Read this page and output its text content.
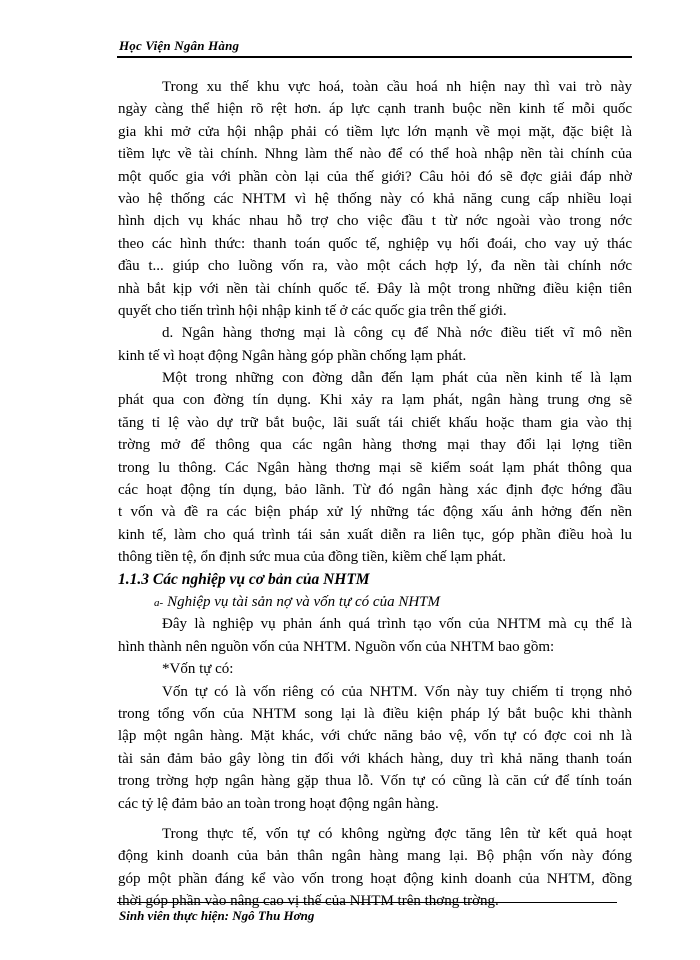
Học Viện Ngân Hàng
Trong xu thế khu vực hoá, toàn cầu hoá nh hiện nay thì vai trò này
ngày càng thể hiện rõ rệt hơn. áp lực cạnh tranh buộc nền kinh tế mỗi quốc
gia khi mở cửa hội nhập phải có tiềm lực lớn mạnh về mọi mặt, đặc biệt là
tiềm lực về tài chính. Nhng làm thế nào để có thể hoà nhập nền tài chính của
một quốc gia với phần còn lại của thế giới? Câu hỏi đó sẽ đợc giải đáp nhờ
vào hệ thống các NHTM vì hệ thống này có khả năng cung cấp nhiều loại
hình dịch vụ khác nhau hỗ trợ cho việc đầu t từ nớc ngoài vào trong nớc
theo các hình thức: thanh toán quốc tế, nghiệp vụ hối đoái, cho vay uỷ thác
đầu t... giúp cho luồng vốn ra, vào một cách hợp lý, đa nền tài chính nớc
nhà bắt kịp với nền tài chính quốc tế. Đây là một trong những điều kiện tiên
quyết cho tiến trình hội nhập kinh tế ở các quốc gia trên thế giới.
d. Ngân hàng thơng mại là công cụ để Nhà nớc điều tiết vĩ mô nền
kinh tế vì hoạt động Ngân hàng góp phần chống lạm phát.
Một trong những con đờng dẫn đến lạm phát của nền kinh tế là lạm
phát qua con đờng tín dụng. Khi xảy ra lạm phát, ngân hàng trung ơng sẽ
tăng tỉ lệ vào dự trữ bắt buộc, lãi suất tái chiết khấu hoặc tham gia vào thị
trờng mở để thông qua các ngân hàng thơng mại thay đổi lại lợng tiền
trong lu thông. Các Ngân hàng thơng mại sẽ kiểm soát lạm phát thông qua
các hoạt động tín dụng, bảo lãnh. Từ đó ngân hàng xác định đợc hớng đầu
t vốn và đề ra các biện pháp xử lý những tác động xấu ảnh hởng đến nền
kinh tế, làm cho quá trình tái sản xuất diễn ra liên tục, góp phần điều hoà lu
thông tiền tệ, ổn định sức mua của đồng tiền, kiềm chế lạm phát.
1.1.3 Các nghiệp vụ cơ bản của NHTM
a- Nghiệp vụ tài sản nợ và vốn tự có của NHTM
Đây là nghiệp vụ phản ánh quá trình tạo vốn của NHTM mà cụ thể là
hình thành nên nguồn vốn của NHTM. Nguồn vốn của NHTM bao gồm:
*Vốn tự có:
Vốn tự có là vốn riêng có của NHTM. Vốn này tuy chiếm tỉ trọng nhỏ
trong tổng vốn của NHTM song lại là điều kiện pháp lý bắt buộc khi thành
lập một ngân hàng. Mặt khác, với chức năng bảo vệ, vốn tự có đợc coi nh là
tài sản đảm bảo gây lòng tin đối với khách hàng, duy trì khả năng thanh toán
trong trờng hợp ngân hàng gặp thua lỗ. Vốn tự có cũng là căn cứ để tính toán
các tỷ lệ đảm bảo an toàn trong hoạt động ngân hàng.
Trong thực tế, vốn tự có không ngừng đợc tăng lên từ kết quả hoạt
động kinh doanh của bản thân ngân hàng mang lại. Bộ phận vốn này đóng
góp một phần đáng kể vào vốn trong hoạt động kinh doanh của NHTM, đồng
thời góp phần vào nâng cao vị thế của NHTM trên thơng trờng.
Sinh viên thực hiện: Ngô Thu Hơng
